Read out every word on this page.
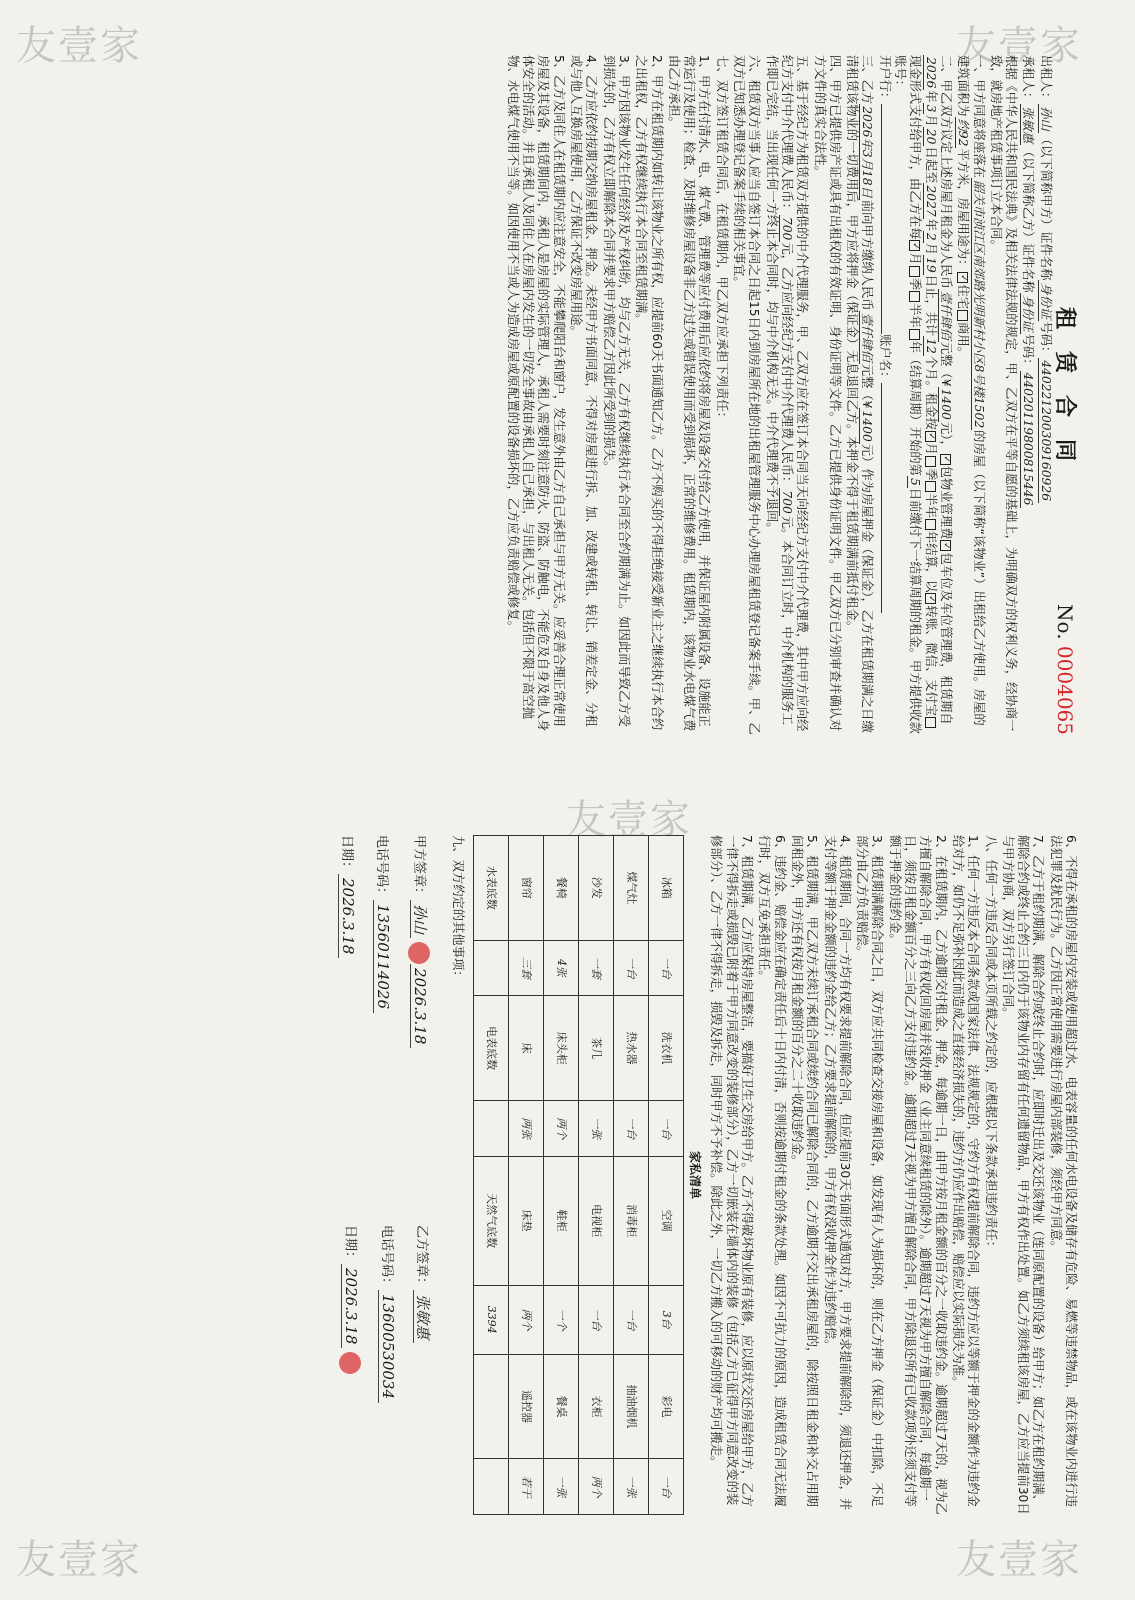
友壹家	友壹家
友壹家
友壹家	友壹家
租赁合同
No. 0004065
出租人：孙山（以下简称甲方）证件名称身份证号码：440221200309160926
承租人：张敏惠（以下简称乙方）证件名称身份证号码：44020119800815446
根据《中华人民共和国民法典》及相关法律法规的规定，甲、乙双方在平等自愿的基础上，为明确双方的权利义务，经协商一致，就房地产租赁事项订立本合同。
一、甲方同意将座落在韶关市浈江区南郊路光明新村小区8号楼1502的房屋（以下简称“该物业”）出租给乙方使用。房屋的建筑面积为约92平方米，房屋用途为：✓住宅商用。
二、甲乙双方议定上述房屋月租金为人民币壹仟肆佰元整（¥1400元），✓包物业管理费✓包车位及车位管理费，租赁期自2026年3月20日起至2027年2月19日止，共计12个月。租金按✓月季半年年结算，以✓转账、微信、支付宝现金形式支付给甲方，由乙方在每✓月季半年年（结算周期）开始的第5日前缴付下一结算周期的租金。甲方提供收款账号：
开户行：账户名：
三、乙方2026年3月18日前向甲方缴纳人民币壹仟肆佰元整（¥1400元）作为房屋押金（保证金），乙方在租赁期满之日缴清租赁该物业的一切费用后，甲方应将押金（保证金）无息退回乙方。本押金不得于租赁期满前抵付租金。
四、甲方已提供房产证或具有出租权的有效证明、身份证明等文件。乙方已提供身份证明文件。甲乙双方已分别审查并确认对方文件的真实合法性。
五、基于经纪方为租赁双方提供的中介代理服务，甲、乙双方应在签订本合同当天向经纪方支付中介代理费，其中甲方应向经纪方支付中介代理费人民币：700元，乙方应向经纪方支付中介代理费人民币：700元。本合同订立时，中介机构的服务工作即已完结，当出现任何一方终止本合同时，均与中介机构无关。中介代理费不予退回。
六、租赁双方当事人应当自签订本合同之日起15日内到房屋所在地的出租屋管理服务中心办理房屋租赁登记备案手续。甲、乙双方已知悉办理登记备案手续的相关事宜。
七、双方签订租赁合同后，在租赁期内，甲乙双方应承担下列责任：
1、甲方在付清水、电、煤气费、管理费等应付费用后应依约将房屋及设备交付给乙方使用，并保证屋内附属设备、设施能正常运行及使用；检查、及时维修房屋设备非乙方过失或错误使用而受到损坏，正常的维修费用。租赁期内，该物业水电煤气费由乙方承担。
2、甲方在租赁期内如转让该物业之所有权，应提前60天书面通知乙方。乙方不购买的不得拒绝接受新业主之继续执行本合约之出租权，乙方有权继续执行本合同至租赁期满。
3、甲方因该物业发生任何经济及产权纠纷，均与乙方无关，乙方有权继续执行本合同至合约期满为止。如因此而导致乙方受到损失的，乙方有权立即解除本合同并要求甲方赔偿乙方因此所受到的损失。
4、乙方应依约按期交纳房屋租金、押金。未经甲方书面同意，不得对房屋进行拆、加、改建或转租、转让、销差定金、分租或与他人互换房屋使用，乙方保证不改变房屋用途。
5、乙方及同住人在租赁期内应注意安全，不能攀爬阳台和窗户，发生意外由乙方自己承担与甲方无关。应妥善合理正常使用房屋及其设备，租赁期间内，承租人是房屋的实际管理人，承租人需要时刻注意防火、防盗、防触电，不能危及自身及他人身体安全的活动。并且承租人及同住人在房屋内发生的一切安全事故由承租人自己承担，与出租人无关。包括但不限于高空抛物、水电煤气使用不当等。如因使用不当或人为造成房屋或原配置的设备损坏的，乙方应负责赔偿或修复。
6、不得在承租的房屋内安装或使用超过水、电表容量的任何水电设备及储存有危险、易燃等违禁物品，或在该物业内进行违法犯罪及扰民行为。乙方因正常使用需要进行房屋内部装修，须经甲方同意。
7、乙方于租约期满、解除合约或终止合约时，应即时迁出及交还该物业（连同原配置的设备）给甲方；如乙方在租约期满、解除合约或终止合约三日内仍于该物业内存留有任何遗留物品，甲方有权作出处置。如乙方须续租该房屋，乙方应当提前30日与甲方协商，双方另行签订合同。
八、任何一方违反合同或本页所载之约定的，应根据以下条款承担违约责任：
1、任何一方违反本合同条款或国家法律、法规规定的，守约方有权提前解除合同，违约方应以等额于押金的金额作为违约金给对方，如仍不足弥补因此而造成之直接经济损失的，违约方仍应作出赔偿，赔偿应以实际损失为准。
2、在租赁期内，乙方逾期交付租金、押金，每逾期一日，由甲方按月租金额的百分之一收取违约金。逾期超过7天的，视为乙方擅自解除合同，甲方有权收回房屋并没收押金（业主同意续租赁的除外）。逾期超过7天视为甲方擅自解除合同，每逾期一日，须按月租金额百分之三向乙方支付违约金。逾期超过7天视为甲方擅自解除合同，甲方除退还所有已收款项外还须支付等额于押金的违约金。
3、租赁期满解除合同之日，双方应共同检查交接房屋和设备，如发现有人为损坏的，则在乙方押金（保证金）中扣除，不足部分由乙方负责赔偿。
4、租赁期间，合同一方均有权要求提前解除合同，但应提前30天书面形式通知对方，甲方要求提前解除的，须退还押金，并支付等额于押金金额的违约金给乙方；乙方要求提前解除的，甲方有权没收押金作为违约赔偿。
5、租赁期满，甲乙双方未续订承租合同或续约合同已解除合同的，乙方逾期不交出承租房屋的，除按照日租金和补交占用期间租金外，甲方还有权按月租金额的百分之二十收取违约金。
6、违约金、赔偿金应在确定责任后十日内付清，否则按逾期付租金的条款处理。如因不可抗力的原因，造成租赁合同无法履行时，双方互免承担责任。
7、租赁期满，乙方应保持房屋整洁，要搞好卫生交房给甲方。乙方不得破坏物业原有装修，应以原状交还房屋给甲方，乙方一律不得拆走或损毁已附着于甲方同意改变的装修部分），乙方一切嵌装在墙体内的装修（包括乙方已征得甲方同意改变的装修部分）、乙方一律不得拆走，损毁及拆走，同时甲方不予补偿。除此之外，一切乙方搬入的可移动的财产均可搬走。
家私清单
冰箱	一台	洗衣机	一台	空调	3台	彩电	一台
煤气灶	一台	热水器	一台	消毒柜	一台	抽油烟机	一张
沙发	一套	茶几	一张	电视柜	一台	衣柜	两个
餐椅	4张	床头柜	两个	鞋柜	一个	餐桌	一张
窗帘	三套	床	两张	床垫	两个	遥控器	若干
水表底数		电表底数		天然气底数	3394		
九、双方约定的其他事项：
甲方签章：孙山2026.3.18
电话号码：13560114026
日期：2026.3.18
乙方签章：张敏惠
电话号码：13600530034
日期：2026.3.18
